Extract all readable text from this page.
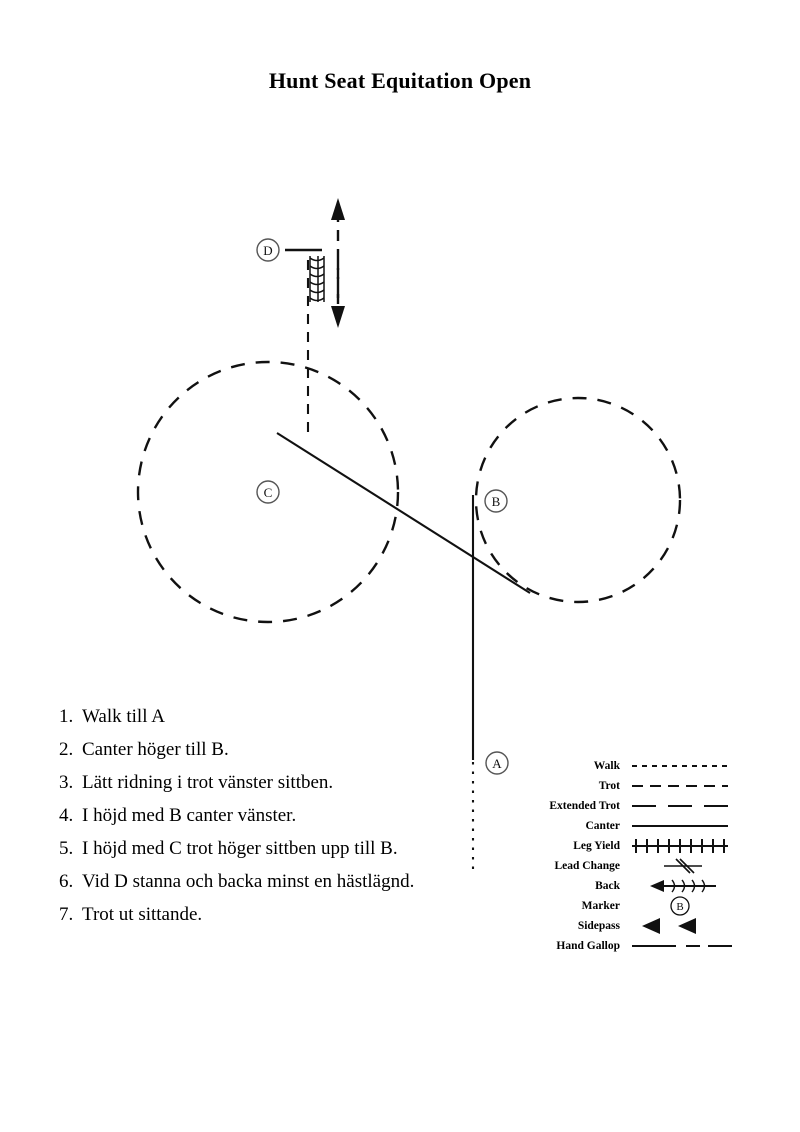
Hunt Seat Equitation Open
D
C
B
A
1. Walk till A
2. Canter höger till B.
3. Lätt ridning i trot vänster sittben.
4. I höjd med B canter vänster.
5. I höjd med C trot höger sittben upp till B.
6. Vid D stanna och backa minst en hästlägnd.
7. Trot ut sittande.
Walk
Trot
Extended Trot
Canter
Leg Yield
Lead Change
Back
Marker	B
Sidepass
Hand Gallop
